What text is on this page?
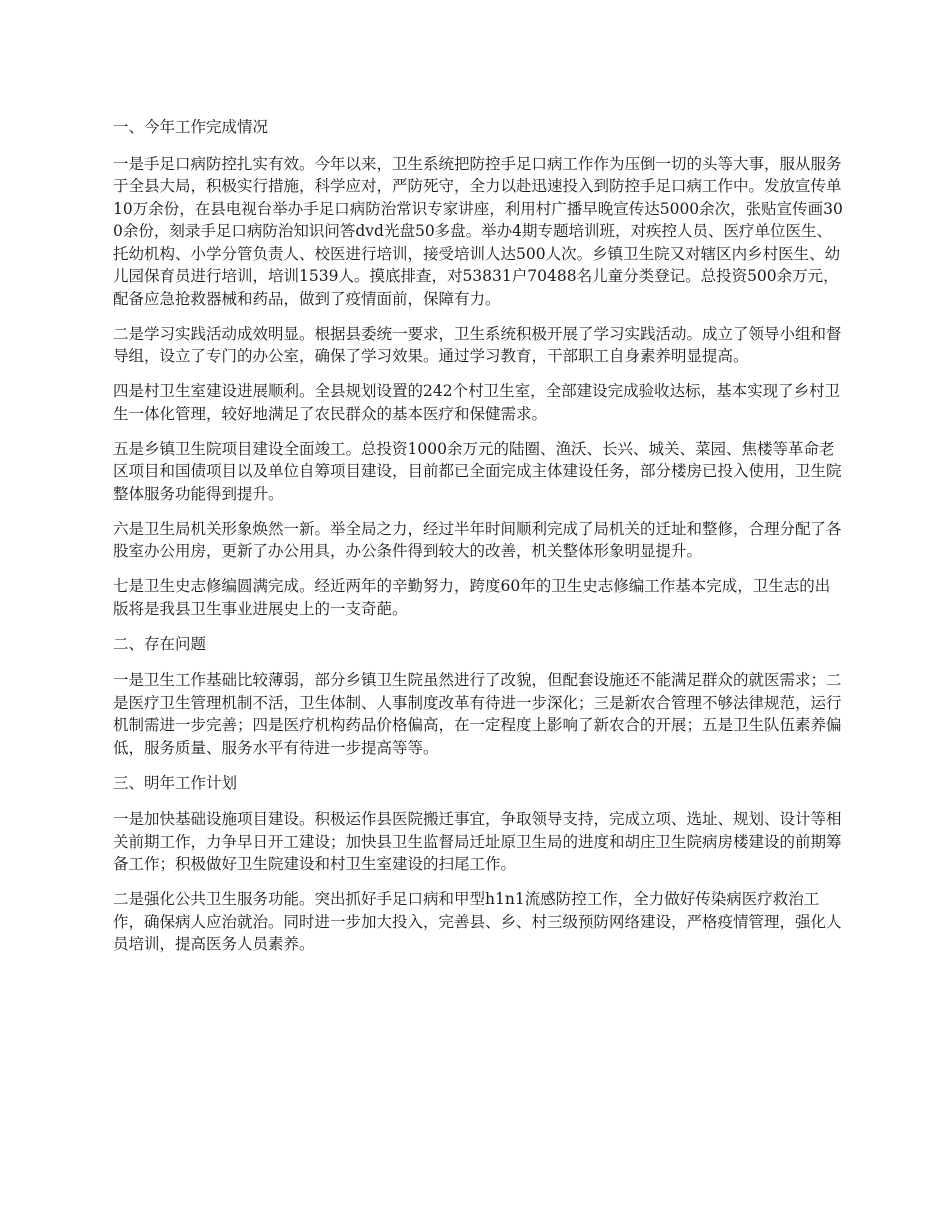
一、今年工作完成情况

一是手足口病防控扎实有效。今年以来，卫生系统把防控手足口病工作作为压倒一切的头等大事，服从服务于全县大局，积极实行措施，科学应对，严防死守，全力以赴迅速投入到防控手足口病工作中。发放宣传单10万余份，在县电视台举办手足口病防治常识专家讲座，利用村广播早晚宣传达5000余次，张贴宣传画300余份，刻录手足口病防治知识问答dvd光盘50多盘。举办4期专题培训班，对疾控人员、医疗单位医生、托幼机构、小学分管负责人、校医进行培训，接受培训人达500人次。乡镇卫生院又对辖区内乡村医生、幼儿园保育员进行培训，培训1539人。摸底排查，对53831户70488名儿童分类登记。总投资500余万元，配备应急抢救器械和药品，做到了疫情面前，保障有力。

二是学习实践活动成效明显。根据县委统一要求，卫生系统积极开展了学习实践活动。成立了领导小组和督导组，设立了专门的办公室，确保了学习效果。通过学习教育，干部职工自身素养明显提高。

四是村卫生室建设进展顺利。全县规划设置的242个村卫生室，全部建设完成验收达标，基本实现了乡村卫生一体化管理，较好地满足了农民群众的基本医疗和保健需求。

五是乡镇卫生院项目建设全面竣工。总投资1000余万元的陆圈、渔沃、长兴、城关、菜园、焦楼等革命老区项目和国债项目以及单位自筹项目建设，目前都已全面完成主体建设任务，部分楼房已投入使用，卫生院整体服务功能得到提升。

六是卫生局机关形象焕然一新。举全局之力，经过半年时间顺利完成了局机关的迁址和整修，合理分配了各股室办公用房，更新了办公用具，办公条件得到较大的改善，机关整体形象明显提升。

七是卫生史志修编圆满完成。经近两年的辛勤努力，跨度60年的卫生史志修编工作基本完成，卫生志的出版将是我县卫生事业进展史上的一支奇葩。

二、存在问题

一是卫生工作基础比较薄弱，部分乡镇卫生院虽然进行了改貌，但配套设施还不能满足群众的就医需求；二是医疗卫生管理机制不活，卫生体制、人事制度改革有待进一步深化；三是新农合管理不够法律规范，运行机制需进一步完善；四是医疗机构药品价格偏高，在一定程度上影响了新农合的开展；五是卫生队伍素养偏低，服务质量、服务水平有待进一步提高等等。

三、明年工作计划

一是加快基础设施项目建设。积极运作县医院搬迁事宜，争取领导支持，完成立项、选址、规划、设计等相关前期工作，力争早日开工建设；加快县卫生监督局迁址原卫生局的进度和胡庄卫生院病房楼建设的前期筹备工作；积极做好卫生院建设和村卫生室建设的扫尾工作。

二是强化公共卫生服务功能。突出抓好手足口病和甲型h1n1流感防控工作，全力做好传染病医疗救治工作，确保病人应治就治。同时进一步加大投入，完善县、乡、村三级预防网络建设，严格疫情管理，强化人员培训，提高医务人员素养。
